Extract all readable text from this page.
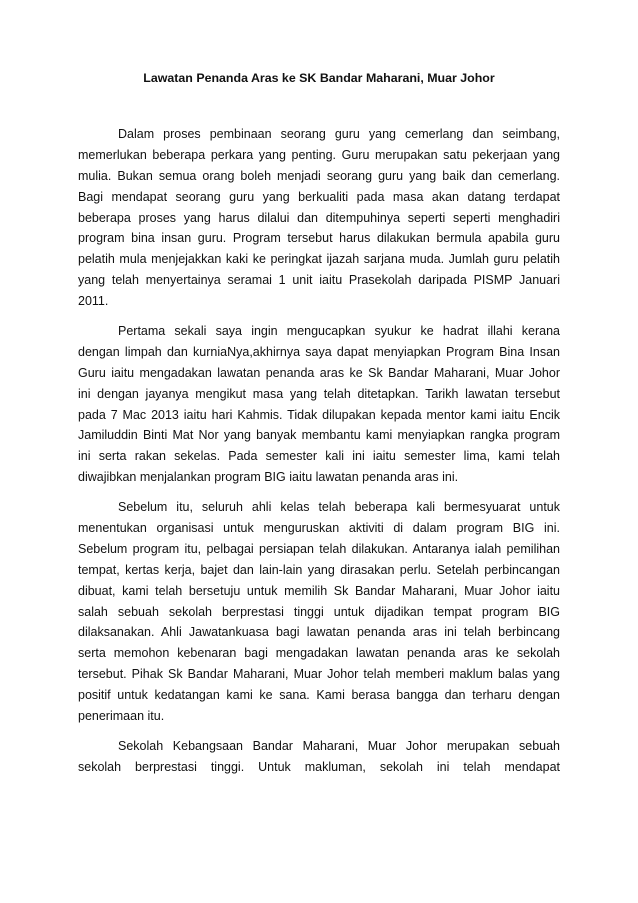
Lawatan Penanda Aras ke SK Bandar Maharani, Muar Johor
Dalam proses pembinaan seorang guru yang cemerlang dan seimbang,
memerlukan beberapa perkara yang penting. Guru merupakan satu pekerjaan yang
mulia. Bukan semua orang boleh menjadi seorang guru yang baik dan cemerlang.
Bagi mendapat seorang guru yang berkualiti pada masa akan datang terdapat
beberapa proses yang harus dilalui dan ditempuhinya seperti seperti menghadiri
program bina insan guru. Program tersebut harus dilakukan bermula apabila guru
pelatih mula menjejakkan kaki ke peringkat ijazah sarjana muda. Jumlah guru pelatih
yang telah menyertainya seramai 1 unit iaitu Prasekolah daripada PISMP Januari
2011.
Pertama sekali saya ingin mengucapkan syukur ke hadrat illahi kerana
dengan limpah dan kurniaNya,akhirnya saya dapat menyiapkan Program Bina Insan
Guru iaitu mengadakan lawatan penanda aras ke Sk Bandar Maharani, Muar Johor
ini dengan jayanya mengikut masa yang telah ditetapkan. Tarikh lawatan tersebut
pada 7 Mac 2013 iaitu hari Kahmis. Tidak dilupakan kepada mentor kami iaitu Encik
Jamiluddin Binti Mat Nor yang banyak membantu kami menyiapkan rangka program
ini serta rakan sekelas. Pada semester kali ini iaitu semester lima, kami telah
diwajibkan menjalankan program BIG iaitu lawatan penanda aras ini.
Sebelum itu, seluruh ahli kelas telah beberapa kali bermesyuarat untuk
menentukan organisasi untuk menguruskan aktiviti di dalam program BIG ini.
Sebelum program itu, pelbagai persiapan telah dilakukan. Antaranya ialah pemilihan
tempat, kertas kerja, bajet dan lain-lain yang dirasakan perlu. Setelah perbincangan
dibuat, kami telah bersetuju untuk memilih Sk Bandar Maharani, Muar Johor iaitu
salah sebuah sekolah berprestasi tinggi untuk dijadikan tempat program BIG
dilaksanakan. Ahli Jawatankuasa bagi lawatan penanda aras ini telah berbincang
serta memohon kebenaran bagi mengadakan lawatan penanda aras ke sekolah
tersebut. Pihak Sk Bandar Maharani, Muar Johor telah memberi maklum balas yang
positif untuk kedatangan kami ke sana. Kami berasa bangga dan terharu dengan
penerimaan itu.
Sekolah Kebangsaan Bandar Maharani, Muar Johor merupakan sebuah
sekolah berprestasi tinggi. Untuk makluman, sekolah ini telah mendapat
